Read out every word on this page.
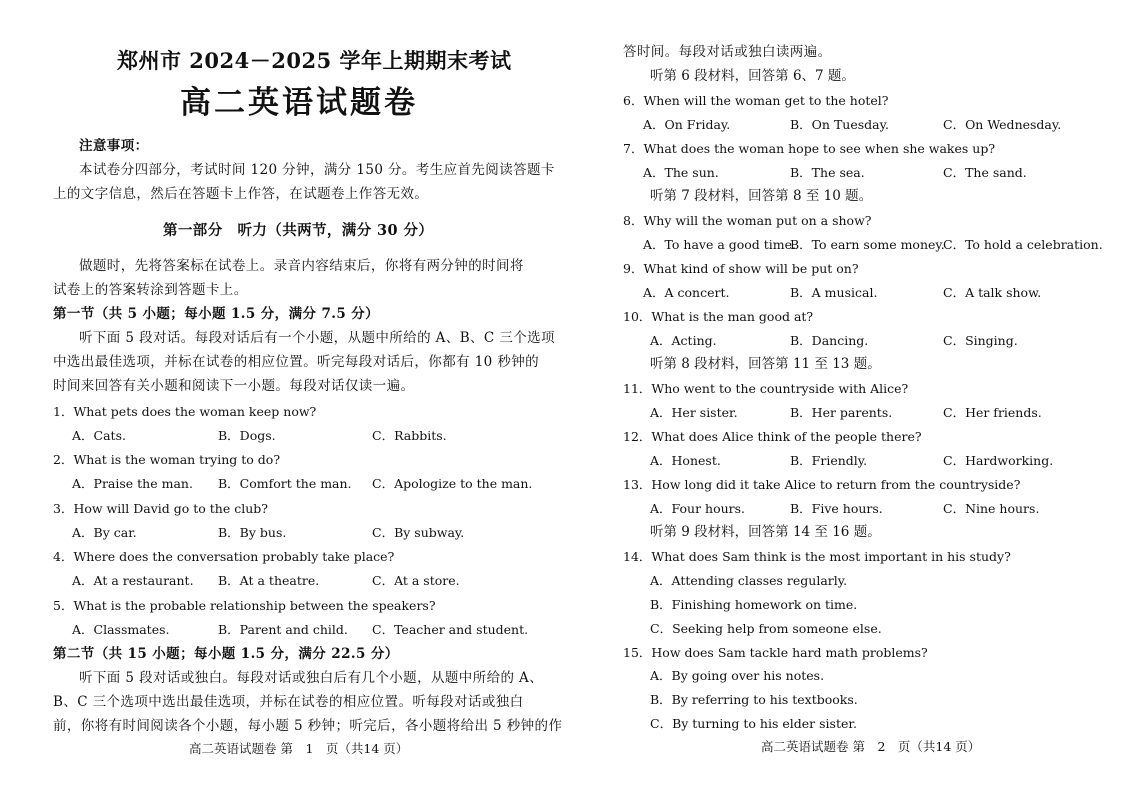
郑州市 2024－2025 学年上期期末考试
高二英语试题卷
注意事项：
本试卷分四部分，考试时间 120 分钟，满分 150 分。考生应首先阅读答题卡
上的文字信息，然后在答题卡上作答，在试题卷上作答无效。
第一部分　听力（共两节，满分 30 分）
做题时，先将答案标在试卷上。录音内容结束后，你将有两分钟的时间将
试卷上的答案转涂到答题卡上。
第一节（共 5 小题；每小题 1.5 分，满分 7.5 分）
听下面 5 段对话。每段对话后有一个小题，从题中所给的 A、B、C 三个选项
中选出最佳选项，并标在试卷的相应位置。听完每段对话后，你都有 10 秒钟的
时间来回答有关小题和阅读下一小题。每段对话仅读一遍。
1．What pets does the woman keep now?
A．Cats.	B．Dogs.	C．Rabbits.
2．What is the woman trying to do?
A．Praise the man. B．Comfort the man. C．Apologize to the man.
3．How will David go to the club?
A．By car.	B．By bus.	C．By subway.
4．Where does the conversation probably take place?
A．At a restaurant. B．At a theatre.	C．At a store.
5．What is the probable relationship between the speakers?
A．Classmates.	B．Parent and child. C．Teacher and student.
第二节（共 15 小题；每小题 1.5 分，满分 22.5 分）
听下面 5 段对话或独白。每段对话或独白后有几个小题，从题中所给的 A、
B、C 三个选项中选出最佳选项，并标在试卷的相应位置。听每段对话或独白
前，你将有时间阅读各个小题，每小题 5 秒钟；听完后，各小题将给出 5 秒钟的作
高二英语试题卷 第　1　页（共14 页）
答时间。每段对话或独白读两遍。
听第 6 段材料，回答第 6、7 题。
6．When will the woman get to the hotel?
A．On Friday.	B．On Tuesday.	C．On Wednesday.
7．What does the woman hope to see when she wakes up?
A．The sun.	B．The sea.	C．The sand.
听第 7 段材料，回答第 8 至 10 题。
8．Why will the woman put on a show?
A．To have a good time.
B．To earn some money.
C．To hold a celebration.
9．What kind of show will be put on?
A．A concert.	B．A musical.	C．A talk show.
10．What is the man good at?
A．Acting.	B．Dancing.	C．Singing.
听第 8 段材料，回答第 11 至 13 题。
11．Who went to the countryside with Alice?
A．Her sister.	B．Her parents.	C．Her friends.
12．What does Alice think of the people there?
A．Honest.	B．Friendly.	C．Hardworking.
13．How long did it take Alice to return from the countryside?
A．Four hours.	B．Five hours.	C．Nine hours.
听第 9 段材料，回答第 14 至 16 题。
14．What does Sam think is the most important in his study?
A．Attending classes regularly.
B．Finishing homework on time.
C．Seeking help from someone else.
15．How does Sam tackle hard math problems?
A．By going over his notes.
B．By referring to his textbooks.
C．By turning to his elder sister.
高二英语试题卷 第　2　页（共14 页）
